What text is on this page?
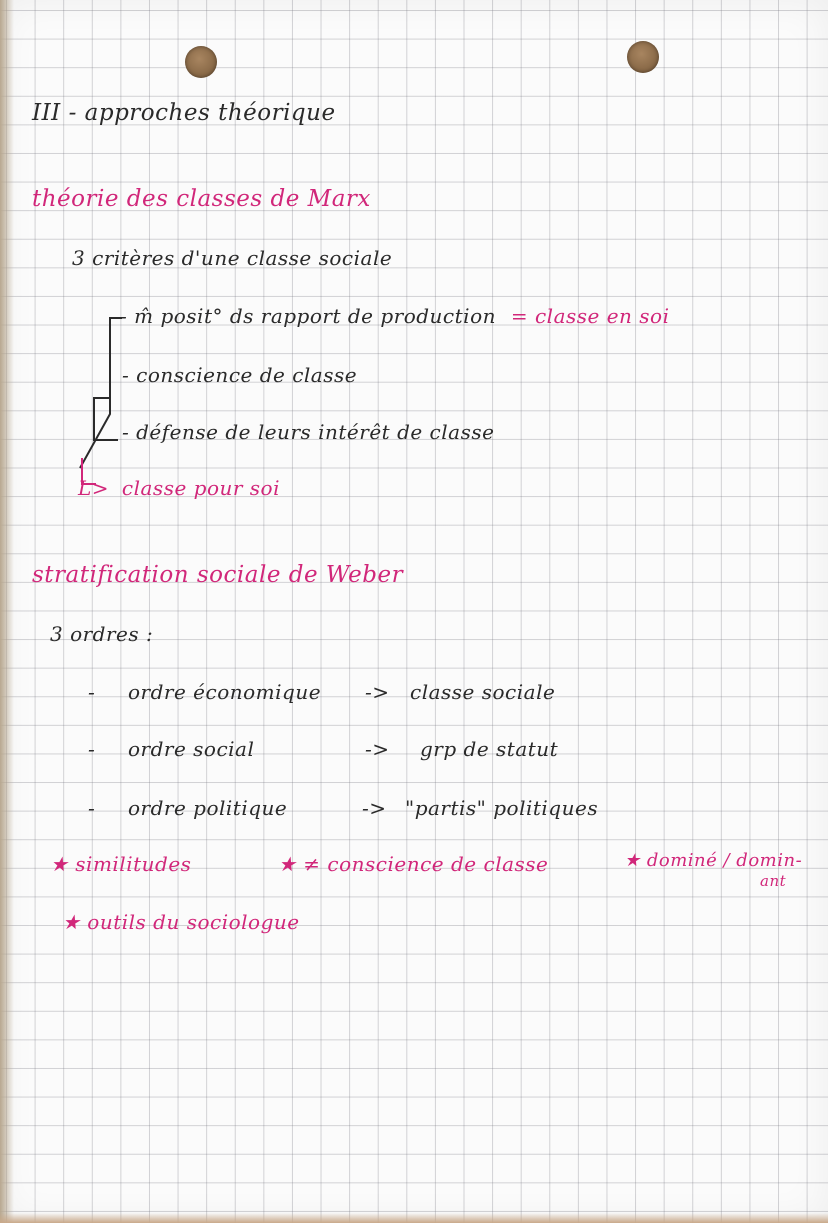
III - approches théorique
théorie des classes de Marx
3 critères d'une classe sociale
- m̂ posit° ds rapport de production = classe en soi
- conscience de classe
- défense de leurs intérêt de classe
L> classe pour soi
stratification sociale de Weber
3 ordres :
- ordre économique -> classe sociale
- ordre social	-> grp de statut
- ordre politique	-> "partis" politiques
★ similitudes	★ ≠ conscience de classe	★ dominé / domin-
ant
★ outils du sociologue
